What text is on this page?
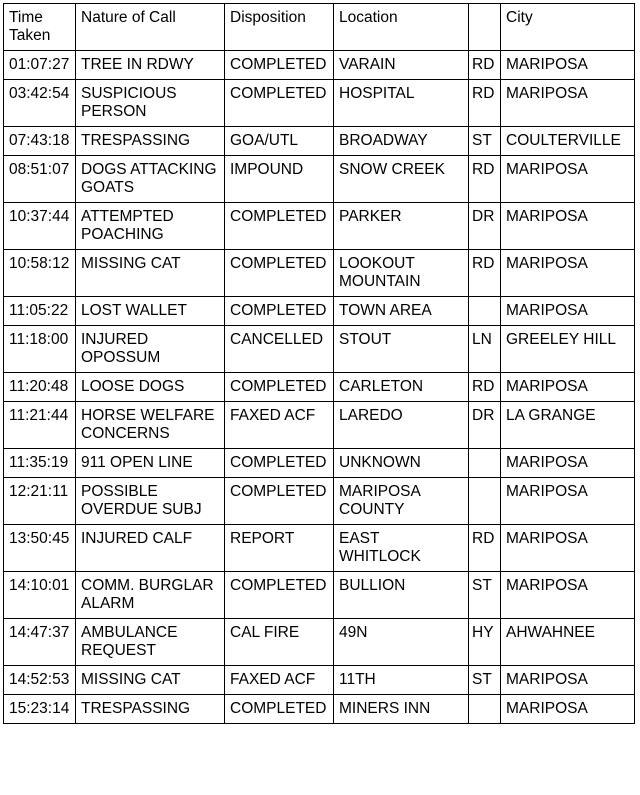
Time Taken	Nature of Call	Disposition	Location		City
01:07:27	TREE IN RDWY	COMPLETED	VARAIN	RD	MARIPOSA
03:42:54	SUSPICIOUS PERSON	COMPLETED	HOSPITAL	RD	MARIPOSA
07:43:18	TRESPASSING	GOA/UTL	BROADWAY	ST	COULTERVILLE
08:51:07	DOGS ATTACKING GOATS	IMPOUND	SNOW CREEK	RD	MARIPOSA
10:37:44	ATTEMPTED POACHING	COMPLETED	PARKER	DR	MARIPOSA
10:58:12	MISSING CAT	COMPLETED	LOOKOUT MOUNTAIN	RD	MARIPOSA
11:05:22	LOST WALLET	COMPLETED	TOWN AREA		MARIPOSA
11:18:00	INJURED OPOSSUM	CANCELLED	STOUT	LN	GREELEY HILL
11:20:48	LOOSE DOGS	COMPLETED	CARLETON	RD	MARIPOSA
11:21:44	HORSE WELFARE CONCERNS	FAXED ACF	LAREDO	DR	LA GRANGE
11:35:19	911 OPEN LINE	COMPLETED	UNKNOWN		MARIPOSA
12:21:11	POSSIBLE OVERDUE SUBJ	COMPLETED	MARIPOSA COUNTY		MARIPOSA
13:50:45	INJURED CALF	REPORT	EAST WHITLOCK	RD	MARIPOSA
14:10:01	COMM. BURGLAR ALARM	COMPLETED	BULLION	ST	MARIPOSA
14:47:37	AMBULANCE REQUEST	CAL FIRE	49N	HY	AHWAHNEE
14:52:53	MISSING CAT	FAXED ACF	11TH	ST	MARIPOSA
15:23:14	TRESPASSING	COMPLETED	MINERS INN		MARIPOSA
